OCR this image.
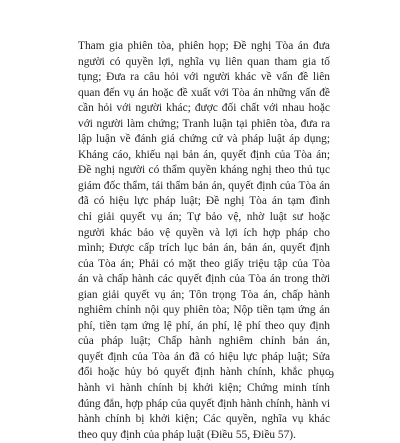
Tham gia phiên tòa, phiên họp; Đề nghị Tòa án đưa
người có quyền lợi, nghĩa vụ liên quan tham gia tố
tụng; Đưa ra câu hỏi với người khác về vấn đề liên
quan đến vụ án hoặc đề xuất với Tòa án những vấn đề
cần hỏi với người khác; được đối chất với nhau hoặc
với người làm chứng; Tranh luận tại phiên tòa, đưa ra
lập luận về đánh giá chứng cứ và pháp luật áp dụng;
Kháng cáo, khiếu nại bản án, quyết định của Tòa án;
Đề nghị người có thẩm quyền kháng nghị theo thủ tục
giám đốc thẩm, tái thẩm bản án, quyết định của Tòa án
đã có hiệu lực pháp luật; Đề nghị Tòa án tạm đình
chỉ giải quyết vụ án; Tự bảo vệ, nhờ luật sư hoặc
người khác bảo vệ quyền và lợi ích hợp pháp cho
mình; Được cấp trích lục bản án, bản án, quyết định
của Tòa án; Phải có mặt theo giấy triệu tập của Tòa
án và chấp hành các quyết định của Tòa án trong thời
gian giải quyết vụ án; Tôn trọng Tòa án, chấp hành
nghiêm chỉnh nội quy phiên tòa; Nộp tiền tạm ứng án
phí, tiền tạm ứng lệ phí, án phí, lệ phí theo quy định
của pháp luật; Chấp hành nghiêm chỉnh bản án,
quyết định của Tòa án đã có hiệu lực pháp luật; Sửa
đổi hoặc hủy bỏ quyết định hành chính, khắc phục
hành vi hành chính bị khởi kiện; Chứng minh tính
đúng đắn, hợp pháp của quyết định hành chính, hành vi
hành chính bị khởi kiện; Các quyền, nghĩa vụ khác
theo quy định của pháp luật (Điều 55, Điều 57).
9
